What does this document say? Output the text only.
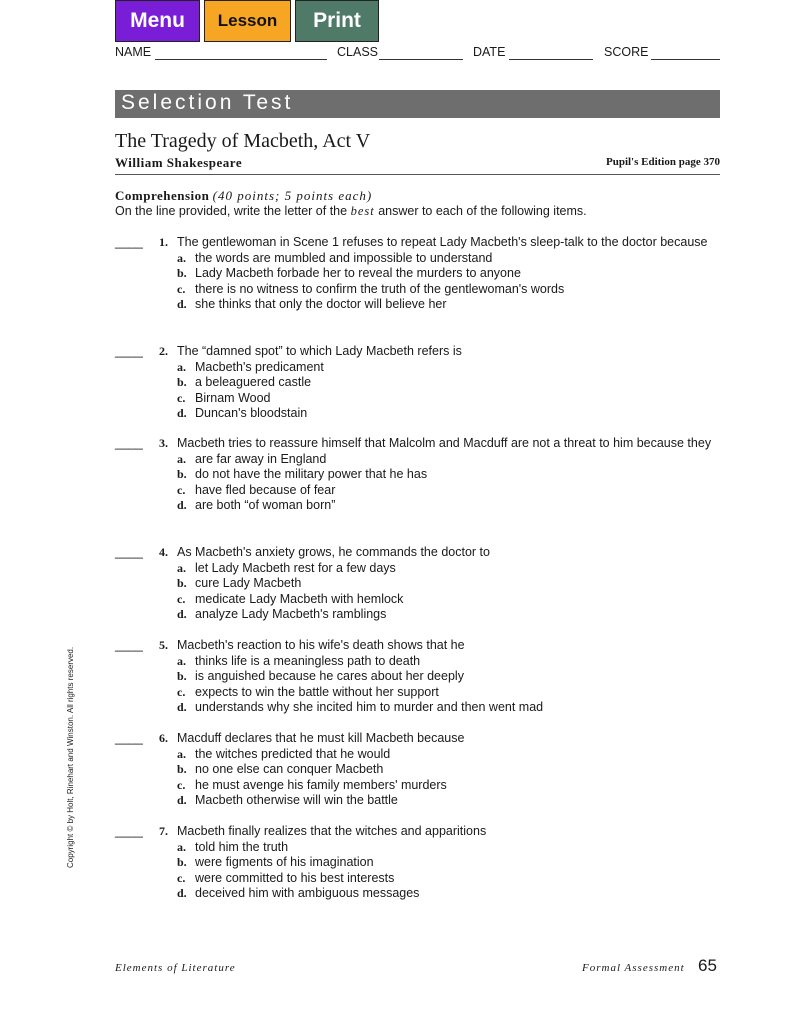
Menu	Lesson	Print
NAME	CLASS	DATE	SCORE
Selection Test
The Tragedy of Macbeth, Act V
William Shakespeare	Pupil's Edition page 370
Comprehension (40 points; 5 points each)
On the line provided, write the letter of the best answer to each of the following items.
____ 1. The gentlewoman in Scene 1 refuses to repeat Lady Macbeth's sleep-talk to the doctor because
a. the words are mumbled and impossible to understand
b. Lady Macbeth forbade her to reveal the murders to anyone
c. there is no witness to confirm the truth of the gentlewoman's words
d. she thinks that only the doctor will believe her
____ 2. The “damned spot” to which Lady Macbeth refers is
a. Macbeth's predicament
b. a beleaguered castle
c. Birnam Wood
d. Duncan's bloodstain
____ 3. Macbeth tries to reassure himself that Malcolm and Macduff are not a threat to him because they
a. are far away in England
b. do not have the military power that he has
c. have fled because of fear
d. are both “of woman born”
____ 4. As Macbeth's anxiety grows, he commands the doctor to
a. let Lady Macbeth rest for a few days
b. cure Lady Macbeth
c. medicate Lady Macbeth with hemlock
d. analyze Lady Macbeth's ramblings
____ 5. Macbeth's reaction to his wife's death shows that he
a. thinks life is a meaningless path to death
b. is anguished because he cares about her deeply
c. expects to win the battle without her support
d. understands why she incited him to murder and then went mad
____ 6. Macduff declares that he must kill Macbeth because
a. the witches predicted that he would
b. no one else can conquer Macbeth
c. he must avenge his family members' murders
d. Macbeth otherwise will win the battle
____ 7. Macbeth finally realizes that the witches and apparitions
a. told him the truth
b. were figments of his imagination
c. were committed to his best interests
d. deceived him with ambiguous messages
Copyright © by Holt, Rinehart and Winston. All rights reserved.
Elements of Literature	Formal Assessment 65
